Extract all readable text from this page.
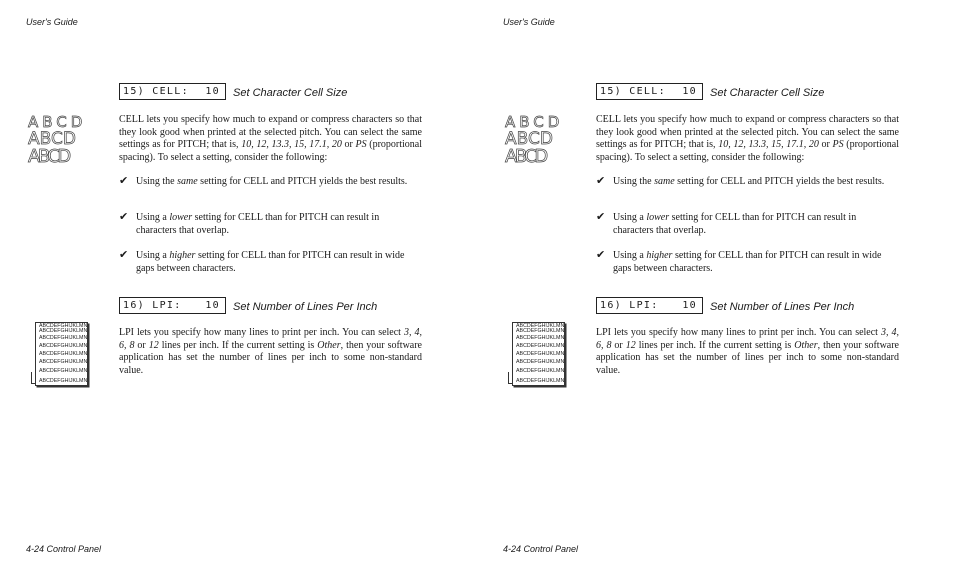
User's Guide
ABCD
ABCD
ABCD
15) CELL: 10 Set Character Cell Size
CELL lets you specify how much to expand or compress characters so that they look good when printed at the selected pitch. You can select the same settings as for PITCH; that is, 10, 12, 13.3, 15, 17.1, 20 or PS (proportional spacing). To select a setting, consider the following:
✔ Using the same setting for CELL and PITCH yields the best results.
✔ Using a lower setting for CELL than for PITCH can result in characters that overlap.
✔ Using a higher setting for CELL than for PITCH can result in wide gaps between characters.
16) LPI: 10 Set Number of Lines Per Inch
ABCDEFGHIJKLMN
ABCDEFGHIJKLMN
ABCDEFGHIJKLMN
ABCDEFGHIJKLMN
ABCDEFGHIJKLMN
ABCDEFGHIJKLMN
ABCDEFGHIJKLMN
ABCDEFGHIJKLMN
LPI lets you specify how many lines to print per inch. You can select 3, 4, 6, 8 or 12 lines per inch. If the current setting is Other, then your software application has set the number of lines per inch to some non-standard value.
4-24 Control Panel
User's Guide
ABCD
ABCD
ABCD
15) CELL: 10 Set Character Cell Size
CELL lets you specify how much to expand or compress characters so that they look good when printed at the selected pitch. You can select the same settings as for PITCH; that is, 10, 12, 13.3, 15, 17.1, 20 or PS (proportional spacing). To select a setting, consider the following:
✔ Using the same setting for CELL and PITCH yields the best results.
✔ Using a lower setting for CELL than for PITCH can result in characters that overlap.
✔ Using a higher setting for CELL than for PITCH can result in wide gaps between characters.
16) LPI: 10 Set Number of Lines Per Inch
ABCDEFGHIJKLMN
ABCDEFGHIJKLMN
ABCDEFGHIJKLMN
ABCDEFGHIJKLMN
ABCDEFGHIJKLMN
ABCDEFGHIJKLMN
ABCDEFGHIJKLMN
ABCDEFGHIJKLMN
LPI lets you specify how many lines to print per inch. You can select 3, 4, 6, 8 or 12 lines per inch. If the current setting is Other, then your software application has set the number of lines per inch to some non-standard value.
4-24 Control Panel
